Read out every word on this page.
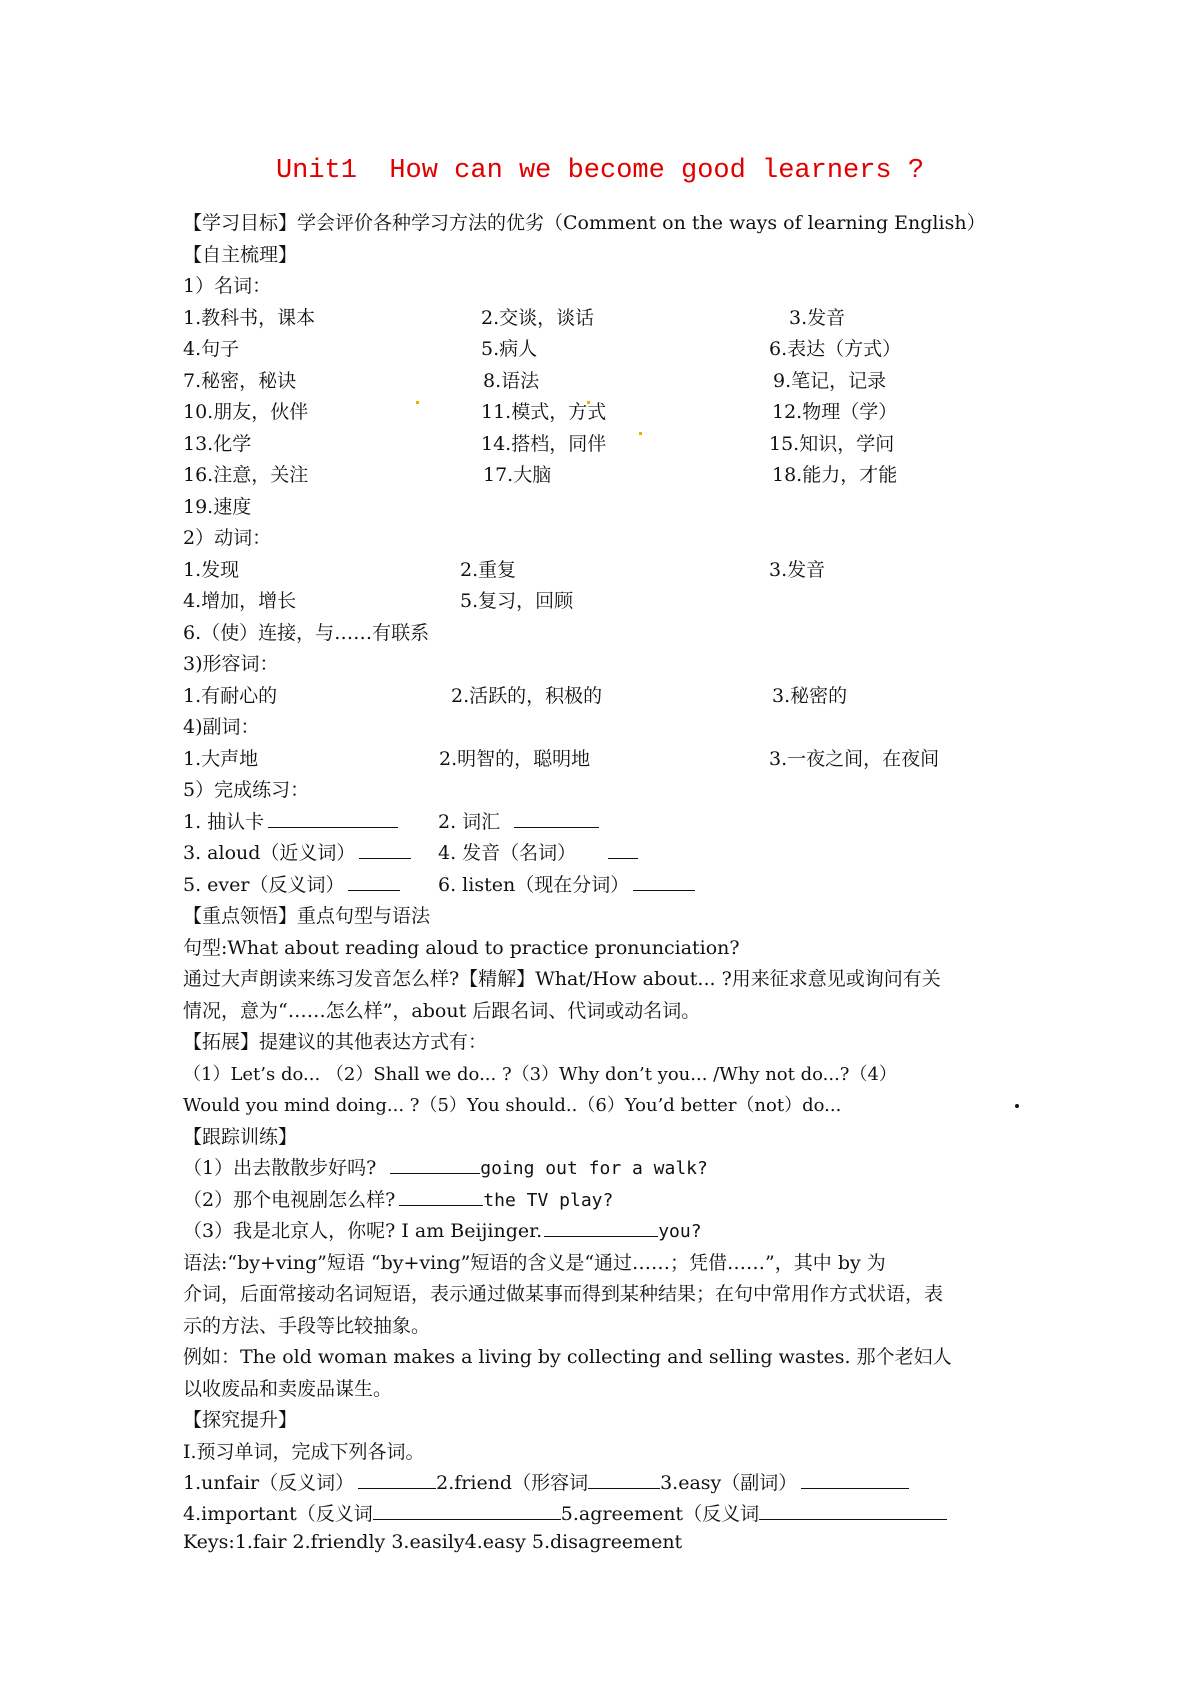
Unit1  How can we become good learners ?
【学习目标】学会评价各种学习方法的优劣（Comment on the ways of learning English）
【自主梳理】
1）名词：
1.教科书，课本	2.交谈，谈话	3.发音
4.句子	5.病人	6.表达（方式）
7.秘密，秘诀	8.语法	9.笔记，记录
10.朋友，伙伴	11.模式，方式	12.物理（学）
13.化学	14.搭档，同伴	15.知识，学问
16.注意，关注	17.大脑	18.能力，才能
19.速度
2）动词：
1.发现	2.重复	3.发音
4.增加，增长	5.复习，回顾
6.（使）连接，与……有联系
3)形容词：
1.有耐心的	2.活跃的，积极的	3.秘密的
4)副词：
1.大声地	2.明智的，聪明地	3.一夜之间，在夜间
5）完成练习：
1. 抽认卡	2. 词汇
3. aloud（近义词）	4. 发音（名词）
5. ever（反义词）	6. listen（现在分词）
【重点领悟】重点句型与语法
句型:What about reading aloud to practice pronunciation?
通过大声朗读来练习发音怎么样?【精解】What/How about... ?用来征求意见或询问有关
情况，意为“……怎么样”，about 后跟名词、代词或动名词。
【拓展】提建议的其他表达方式有：
（1）Let’s do... （2）Shall we do... ?（3）Why don’t you... /Why not do...?（4）
Would you mind doing... ?（5）You should..（6）You’d better（not）do...
【跟踪训练】
（1）出去散散步好吗?	going out for a walk?
（2）那个电视剧怎么样?	the TV play?
（3）我是北京人，你呢? I am Beijinger.	you?
语法:“by+ving”短语 “by+ving”短语的含义是“通过……；凭借……”，其中 by 为
介词，后面常接动名词短语，表示通过做某事而得到某种结果；在句中常用作方式状语，表
示的方法、手段等比较抽象。
例如：The old woman makes a living by collecting and selling wastes. 那个老妇人
以收废品和卖废品谋生。
【探究提升】
Ⅰ.预习单词，完成下列各词。
1.unfair（反义词）	2.friend（形容词	3.easy（副词）
4.important（反义词	5.agreement（反义词
Keys:1.fair 2.friendly 3.easily4.easy 5.disagreement
